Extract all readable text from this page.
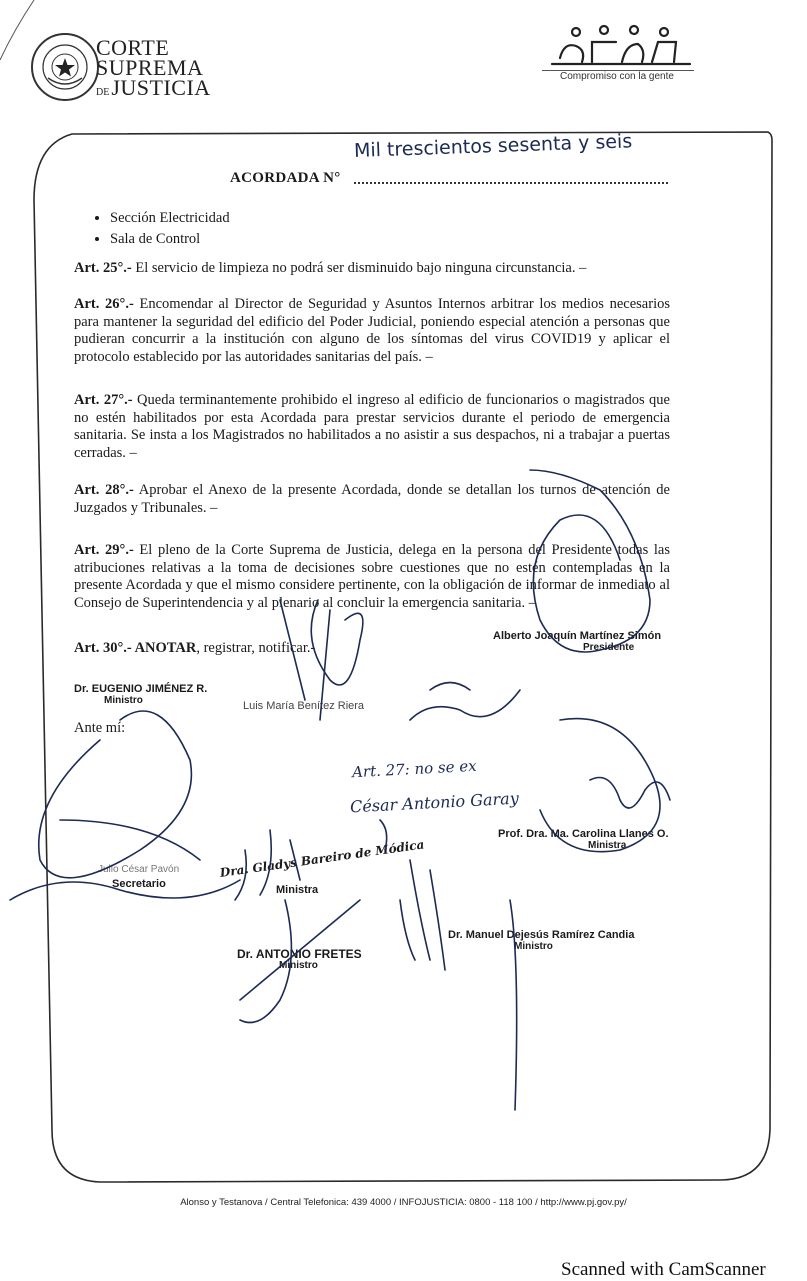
CORTE
SUPREMA
DEJUSTICIA	Compromiso con la gente
ACORDADA N°
Mil trescientos sesenta y seis
• Sección Electricidad
• Sala de Control
Art. 25°.- El servicio de limpieza no podrá ser disminuido bajo ninguna circunstancia. –
Art. 26°.- Encomendar al Director de Seguridad y Asuntos Internos arbitrar los medios necesarios para mantener la seguridad del edificio del Poder Judicial, poniendo especial atención a personas que pudieran concurrir a la institución con alguno de los síntomas del virus COVID19 y aplicar el protocolo establecido por las autoridades sanitarias del país. –
Art. 27°.- Queda terminantemente prohibido el ingreso al edificio de funcionarios o magistrados que no estén habilitados por esta Acordada para prestar servicios durante el periodo de emergencia sanitaria. Se insta a los Magistrados no habilitados a no asistir a sus despachos, ni a trabajar a puertas cerradas. –
Art. 28°.- Aprobar el Anexo de la presente Acordada, donde se detallan los turnos de atención de Juzgados y Tribunales. –
Art. 29°.- El pleno de la Corte Suprema de Justicia, delega en la persona del Presidente todas las atribuciones relativas a la toma de decisiones sobre cuestiones que no estén contempladas en la presente Acordada y que el mismo considere pertinente, con la obligación de informar de inmediato al Consejo de Superintendencia y al plenario al concluir la emergencia sanitaria. –
Art. 30°.- ANOTAR, registrar, notificar.-
Alberto Joaquín Martínez Simón
Presidente
Dr. EUGENIO JIMÉNEZ R.
Ministro
Ante mí:
Luis María Benítez Riera
Art. 27: no se ex
César Antonio Garay
Prof. Dra. Ma. Carolina Llanes O.
Ministra
Julio César Pavón
Secretario
Dra. Gladys Bareiro de Módica
Ministra
Dr. Manuel Dejesús Ramírez Candia
Ministro
Dr. ANTONIO FRETES
Ministro
Alonso y Testanova / Central Telefonica: 439 4000 / INFOJUSTICIA: 0800 - 118 100 / http://www.pj.gov.py/
Scanned with CamScanner
